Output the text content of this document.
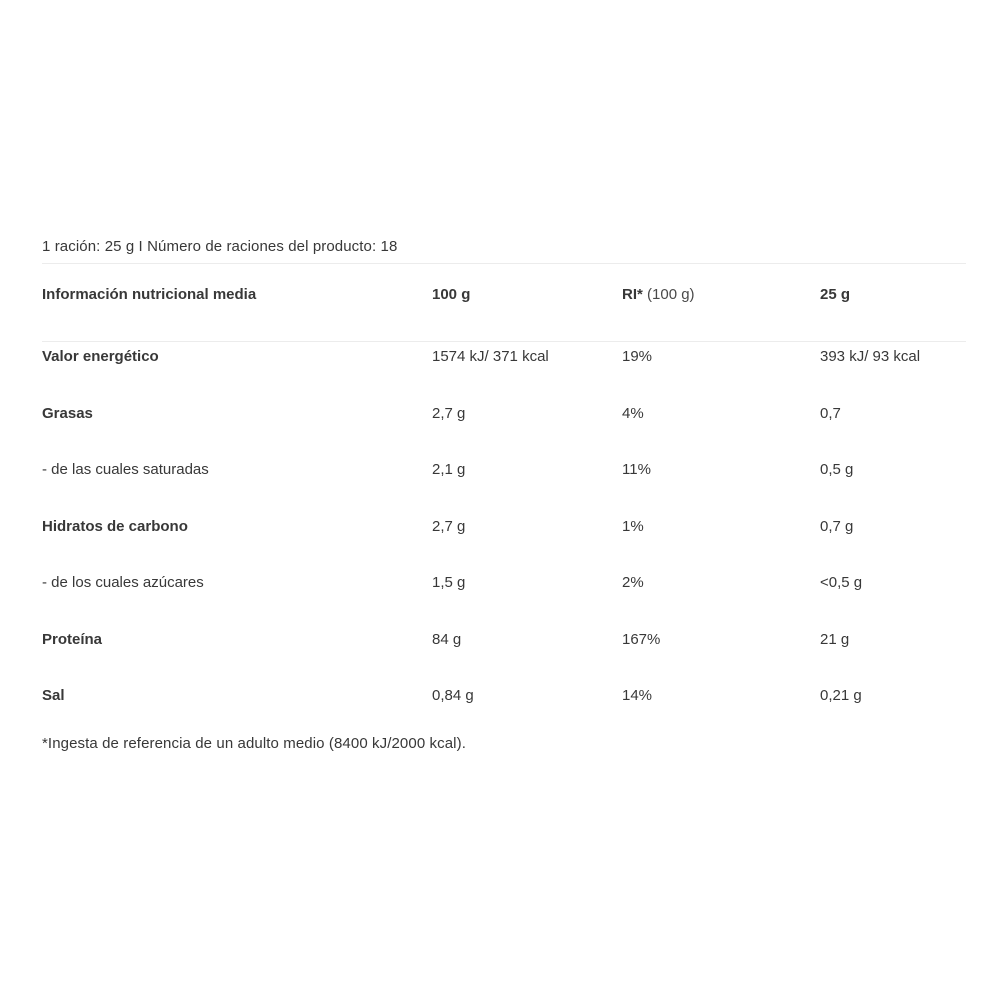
1 ración: 25 g I Número de raciones del producto: 18
Información nutricional media	100 g	RI* (100 g)	25 g
Valor energético	1574 kJ/ 371 kcal	19%	393 kJ/ 93 kcal
Grasas	2,7 g	4%	0,7
- de las cuales saturadas	2,1 g	11%	0,5 g
Hidratos de carbono	2,7 g	1%	0,7 g
- de los cuales azúcares	1,5 g	2%	<0,5 g
Proteína	84 g	167%	21 g
Sal	0,84 g	14%	0,21 g
*Ingesta de referencia de un adulto medio (8400 kJ/2000 kcal).
